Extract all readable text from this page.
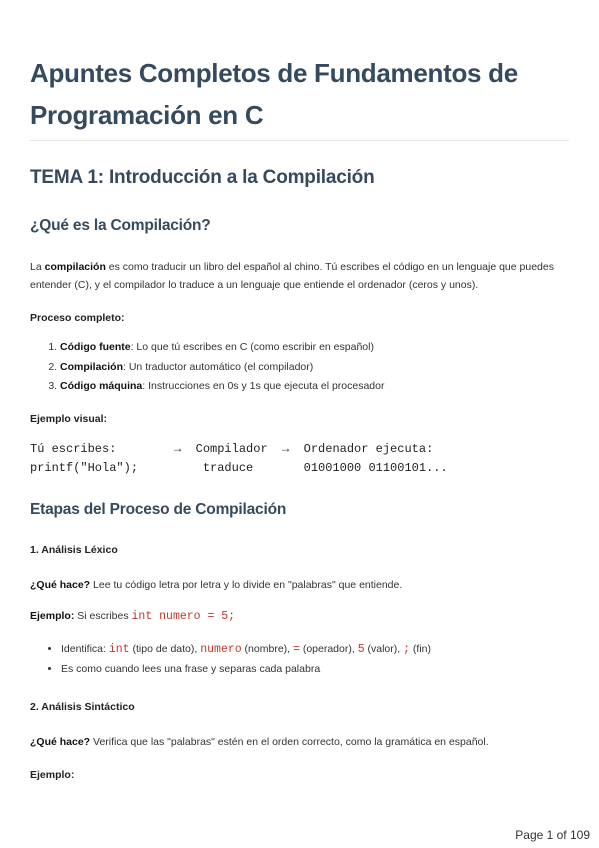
Apuntes Completos de Fundamentos de Programación en C
TEMA 1: Introducción a la Compilación
¿Qué es la Compilación?

La compilación es como traducir un libro del español al chino. Tú escribes el código en un lenguaje que puedes entender (C), y el compilador lo traduce a un lenguaje que entiende el ordenador (ceros y unos).

Proceso completo:
1. Código fuente: Lo que tú escribes en C (como escribir en español)
2. Compilación: Un traductor automático (el compilador)
3. Código máquina: Instrucciones en 0s y 1s que ejecuta el procesador
Ejemplo visual:
Tú escribes:        →  Compilador  →  Ordenador ejecuta:
printf("Hola");         traduce       01001000 01100101...
Etapas del Proceso de Compilación
1. Análisis Léxico

¿Qué hace? Lee tu código letra por letra y lo divide en "palabras" que entiende.

Ejemplo: Si escribes int numero = 5;

• Identifica: int (tipo de dato), numero (nombre), = (operador), 5 (valor), ; (fin)
• Es como cuando lees una frase y separas cada palabra
2. Análisis Sintáctico

¿Qué hace? Verifica que las "palabras" estén en el orden correcto, como la gramática en español.

Ejemplo:
Page 1 of 109
